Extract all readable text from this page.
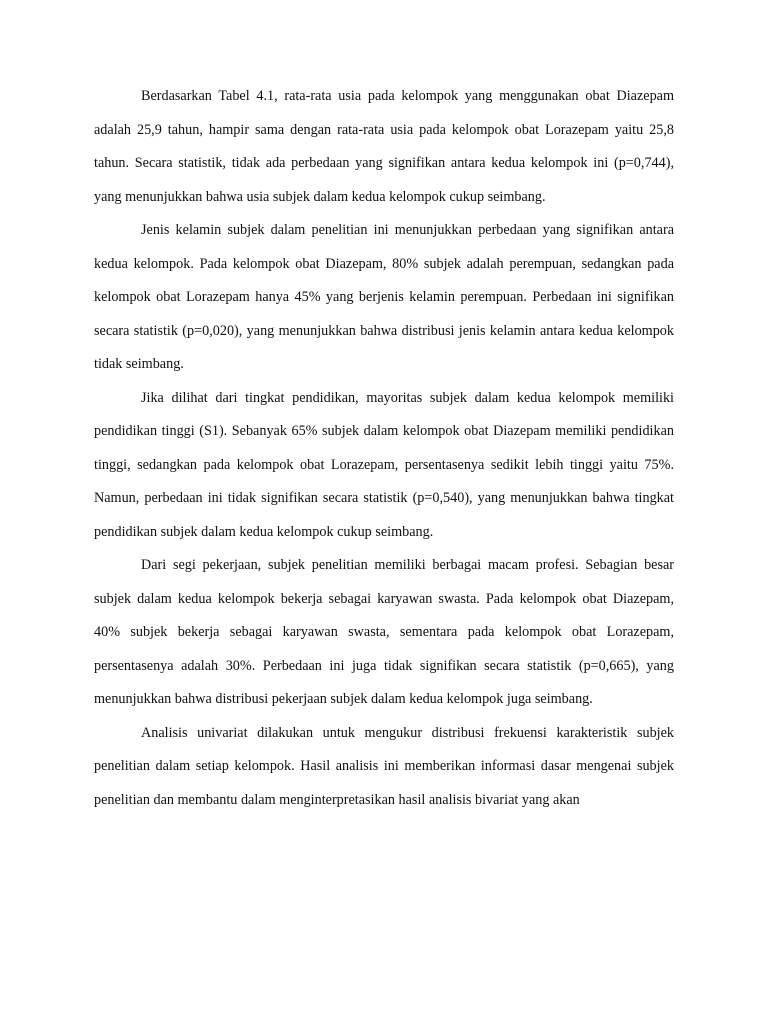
Berdasarkan Tabel 4.1, rata-rata usia pada kelompok yang menggunakan obat Diazepam adalah 25,9 tahun, hampir sama dengan rata-rata usia pada kelompok obat Lorazepam yaitu 25,8 tahun. Secara statistik, tidak ada perbedaan yang signifikan antara kedua kelompok ini (p=0,744), yang menunjukkan bahwa usia subjek dalam kedua kelompok cukup seimbang.

Jenis kelamin subjek dalam penelitian ini menunjukkan perbedaan yang signifikan antara kedua kelompok. Pada kelompok obat Diazepam, 80% subjek adalah perempuan, sedangkan pada kelompok obat Lorazepam hanya 45% yang berjenis kelamin perempuan. Perbedaan ini signifikan secara statistik (p=0,020), yang menunjukkan bahwa distribusi jenis kelamin antara kedua kelompok tidak seimbang.

Jika dilihat dari tingkat pendidikan, mayoritas subjek dalam kedua kelompok memiliki pendidikan tinggi (S1). Sebanyak 65% subjek dalam kelompok obat Diazepam memiliki pendidikan tinggi, sedangkan pada kelompok obat Lorazepam, persentasenya sedikit lebih tinggi yaitu 75%. Namun, perbedaan ini tidak signifikan secara statistik (p=0,540), yang menunjukkan bahwa tingkat pendidikan subjek dalam kedua kelompok cukup seimbang.

Dari segi pekerjaan, subjek penelitian memiliki berbagai macam profesi. Sebagian besar subjek dalam kedua kelompok bekerja sebagai karyawan swasta. Pada kelompok obat Diazepam, 40% subjek bekerja sebagai karyawan swasta, sementara pada kelompok obat Lorazepam, persentasenya adalah 30%. Perbedaan ini juga tidak signifikan secara statistik (p=0,665), yang menunjukkan bahwa distribusi pekerjaan subjek dalam kedua kelompok juga seimbang.

Analisis univariat dilakukan untuk mengukur distribusi frekuensi karakteristik subjek penelitian dalam setiap kelompok. Hasil analisis ini memberikan informasi dasar mengenai subjek penelitian dan membantu dalam menginterpretasikan hasil analisis bivariat yang akan
